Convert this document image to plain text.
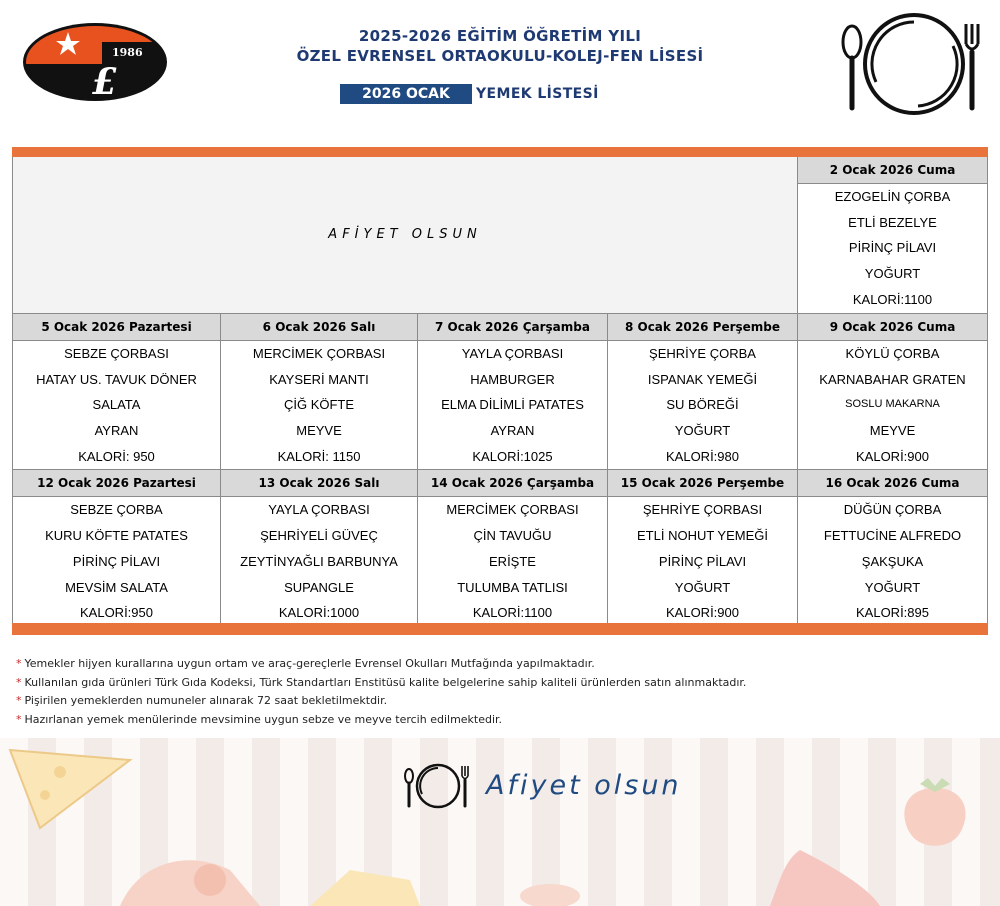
1986
£
2025-2026 EĞİTİM ÖĞRETİM YILI
ÖZEL EVRENSEL ORTAOKULU-KOLEJ-FEN LİSESİ
2026 OCAK	YEMEK LİSTESİ
AFİYET OLSUN
2 Ocak 2026 Cuma
EZOGELİN ÇORBA
ETLİ BEZELYE
PİRİNÇ PİLAVI
YOĞURT
KALORİ:1100
5 Ocak 2026 Pazartesi
SEBZE ÇORBASI
HATAY US. TAVUK DÖNER
SALATA
AYRAN
KALORİ: 950
6 Ocak 2026 Salı
MERCİMEK ÇORBASI
KAYSERİ MANTI
ÇİĞ KÖFTE
MEYVE
KALORİ: 1150
7 Ocak 2026 Çarşamba
YAYLA ÇORBASI
HAMBURGER
ELMA DİLİMLİ PATATES
AYRAN
KALORİ:1025
8 Ocak 2026 Perşembe
ŞEHRİYE ÇORBA
ISPANAK YEMEĞİ
SU BÖREĞİ
YOĞURT
KALORİ:980
9 Ocak 2026 Cuma
KÖYLÜ ÇORBA
KARNABAHAR GRATEN
SOSLU MAKARNA
MEYVE
KALORİ:900
12 Ocak 2026 Pazartesi
SEBZE ÇORBA
KURU KÖFTE PATATES
PİRİNÇ PİLAVI
MEVSİM SALATA
KALORİ:950
13 Ocak 2026 Salı
YAYLA ÇORBASI
ŞEHRİYELİ GÜVEÇ
ZEYTİNYAĞLI BARBUNYA
SUPANGLE
KALORİ:1000
14 Ocak 2026 Çarşamba
MERCİMEK ÇORBASI
ÇİN TAVUĞU
ERİŞTE
TULUMBA TATLISI
KALORİ:1100
15 Ocak 2026 Perşembe
ŞEHRİYE ÇORBASI
ETLİ NOHUT YEMEĞİ
PİRİNÇ PİLAVI
YOĞURT
KALORİ:900
16 Ocak 2026 Cuma
DÜĞÜN ÇORBA
FETTUCİNE ALFREDO
ŞAKŞUKA
YOĞURT
KALORİ:895
* Yemekler hijyen kurallarına uygun ortam ve araç-gereçlerle Evrensel Okulları Mutfağında yapılmaktadır.
* Kullanılan gıda ürünleri Türk Gıda Kodeksi, Türk Standartları Enstitüsü kalite belgelerine sahip kaliteli ürünlerden satın alınmaktadır.
* Pişirilen yemeklerden numuneler alınarak 72 saat bekletilmektdir.
* Hazırlanan yemek menülerinde mevsimine uygun sebze ve meyve tercih edilmektedir.
Afiyet olsun
